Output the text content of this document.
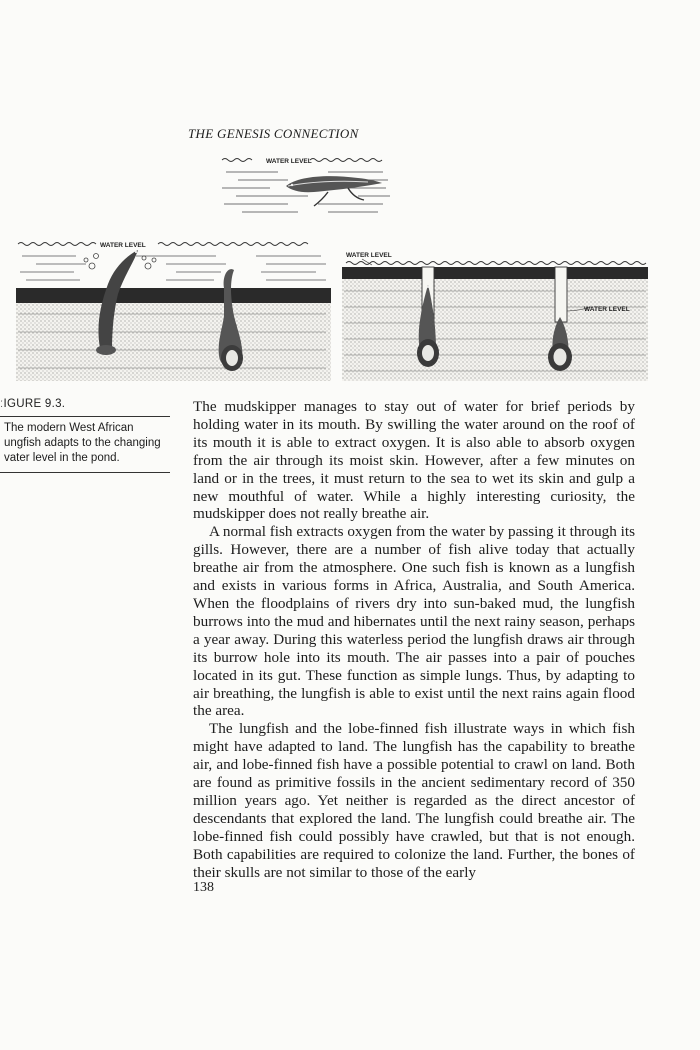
THE GENESIS CONNECTION
WATER LEVEL
WATER LEVEL
WATER LEVEL
WATER LEVEL
ːIGURE 9.3.
The modern West African ungfish adapts to the changing vater level in the pond.

The mudskipper manages to stay out of water for brief periods by holding water in its mouth. By swilling the water around on the roof of its mouth it is able to extract oxygen. It is also able to absorb oxygen from the air through its moist skin. However, after a few minutes on land or in the trees, it must return to the sea to wet its skin and gulp a new mouthful of water. While a highly interesting curiosity, the mudskipper does not really breathe air.

A normal fish extracts oxygen from the water by passing it through its gills. However, there are a number of fish alive today that actually breathe air from the atmosphere. One such fish is known as a lungfish and exists in various forms in Africa, Australia, and South America. When the floodplains of rivers dry into sun-baked mud, the lungfish burrows into the mud and hibernates until the next rainy season, perhaps a year away. During this waterless period the lungfish draws air through its burrow hole into its mouth. The air passes into a pair of pouches located in its gut. These function as simple lungs. Thus, by adapting to air breathing, the lungfish is able to exist until the next rains again flood the area.

The lungfish and the lobe-finned fish illustrate ways in which fish might have adapted to land. The lungfish has the capability to breathe air, and lobe-finned fish have a possible potential to crawl on land. Both are found as primitive fossils in the ancient sedimentary record of 350 million years ago. Yet neither is regarded as the direct ancestor of descendants that explored the land. The lungfish could breathe air. The lobe-finned fish could possibly have crawled, but that is not enough. Both capabilities are required to colonize the land. Further, the bones of their skulls are not similar to those of the early

138
